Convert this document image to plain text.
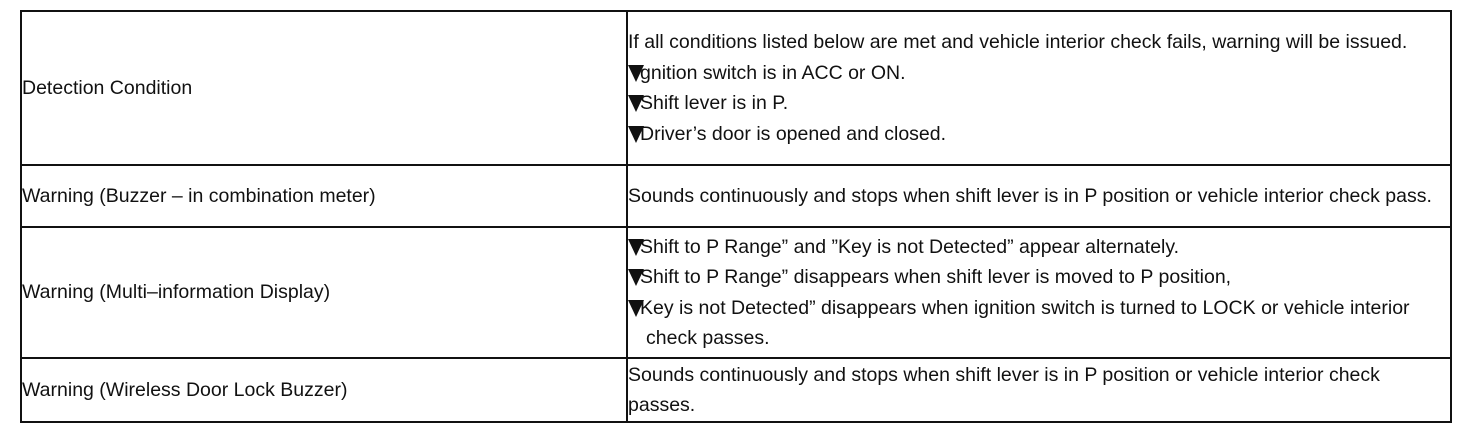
Detection Condition	If all conditions listed below are met and vehicle interior check fails, warning will be issued.

gnition switch is in ACC or ON.

Shift lever is in P.

Driver’s door is opened and closed.

Warning (Buzzer – in combination meter)	Sounds continuously and stops when shift lever is in P position or vehicle interior check pass.

Warning (Multi–information Display)	Shift to P Range” and ”Key is not Detected” appear alternately.

Shift to P Range” disappears when shift lever is moved to P position,

Key is not Detected” disappears when ignition switch is turned to LOCK or vehicle interior check passes.

Warning (Wireless Door Lock Buzzer)	Sounds continuously and stops when shift lever is in P position or vehicle interior check passes.
